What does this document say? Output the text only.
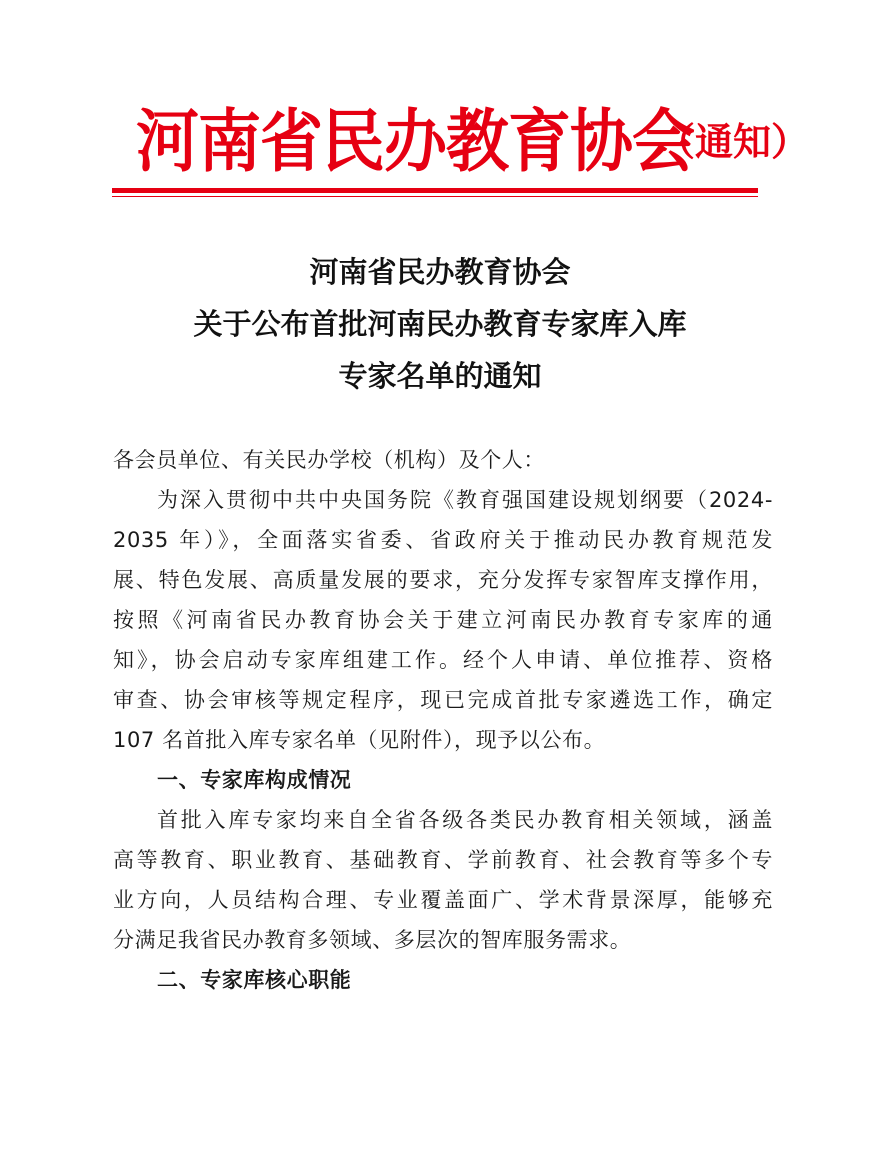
河南省民办教育协会
（通知）
河南省民办教育协会
关于公布首批河南民办教育专家库入库
专家名单的通知
各会员单位、有关民办学校（机构）及个人：
为深入贯彻中共中央国务院《教育强国建设规划纲要（2024-
2035 年）》，全面落实省委、省政府关于推动民办教育规范发
展、特色发展、高质量发展的要求，充分发挥专家智库支撑作用，
按照《河南省民办教育协会关于建立河南民办教育专家库的通
知》，协会启动专家库组建工作。经个人申请、单位推荐、资格
审查、协会审核等规定程序，现已完成首批专家遴选工作，确定
107 名首批入库专家名单（见附件），现予以公布。
一、专家库构成情况
首批入库专家均来自全省各级各类民办教育相关领域，涵盖
高等教育、职业教育、基础教育、学前教育、社会教育等多个专
业方向，人员结构合理、专业覆盖面广、学术背景深厚，能够充
分满足我省民办教育多领域、多层次的智库服务需求。
二、专家库核心职能
